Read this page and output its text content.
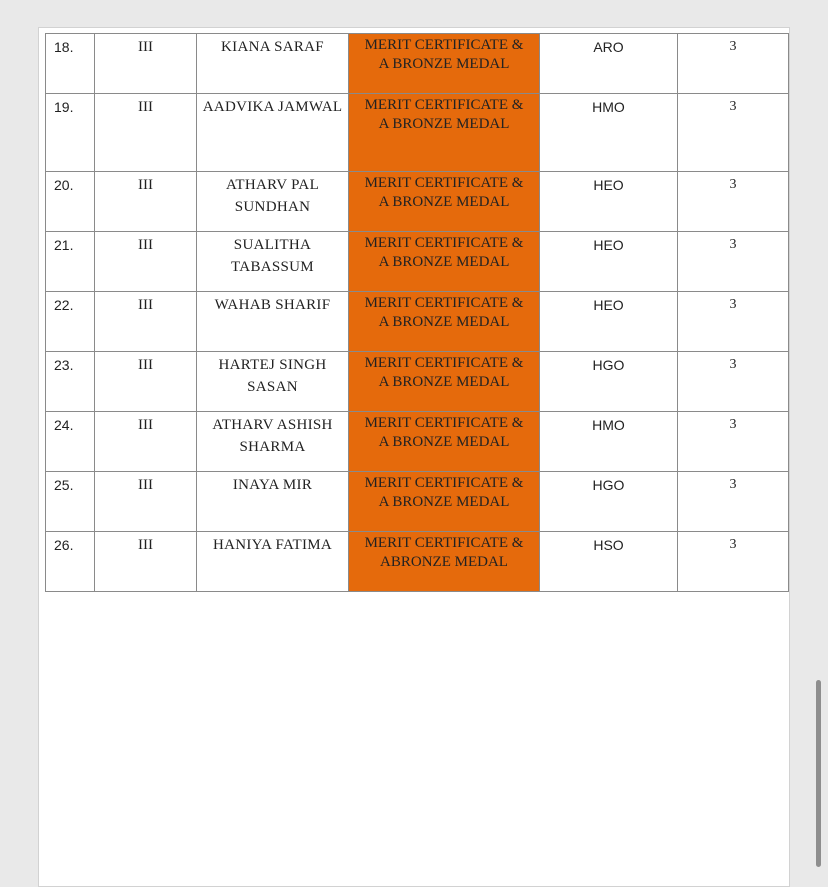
18.	III	KIANA SARAF	MERIT CERTIFICATE & A BRONZE MEDAL	ARO	3
19.	III	AADVIKA JAMWAL	MERIT CERTIFICATE & A BRONZE MEDAL	HMO	3
20.	III	ATHARV PAL SUNDHAN	MERIT CERTIFICATE & A BRONZE MEDAL	HEO	3
21.	III	SUALITHA TABASSUM	MERIT CERTIFICATE & A BRONZE MEDAL	HEO	3
22.	III	WAHAB SHARIF	MERIT CERTIFICATE & A BRONZE MEDAL	HEO	3
23.	III	HARTEJ SINGH SASAN	MERIT CERTIFICATE & A BRONZE MEDAL	HGO	3
24.	III	ATHARV ASHISH SHARMA	MERIT CERTIFICATE & A BRONZE MEDAL	HMO	3
25.	III	INAYA MIR	MERIT CERTIFICATE & A BRONZE MEDAL	HGO	3
26.	III	HANIYA FATIMA	MERIT CERTIFICATE & ABRONZE MEDAL	HSO	3
